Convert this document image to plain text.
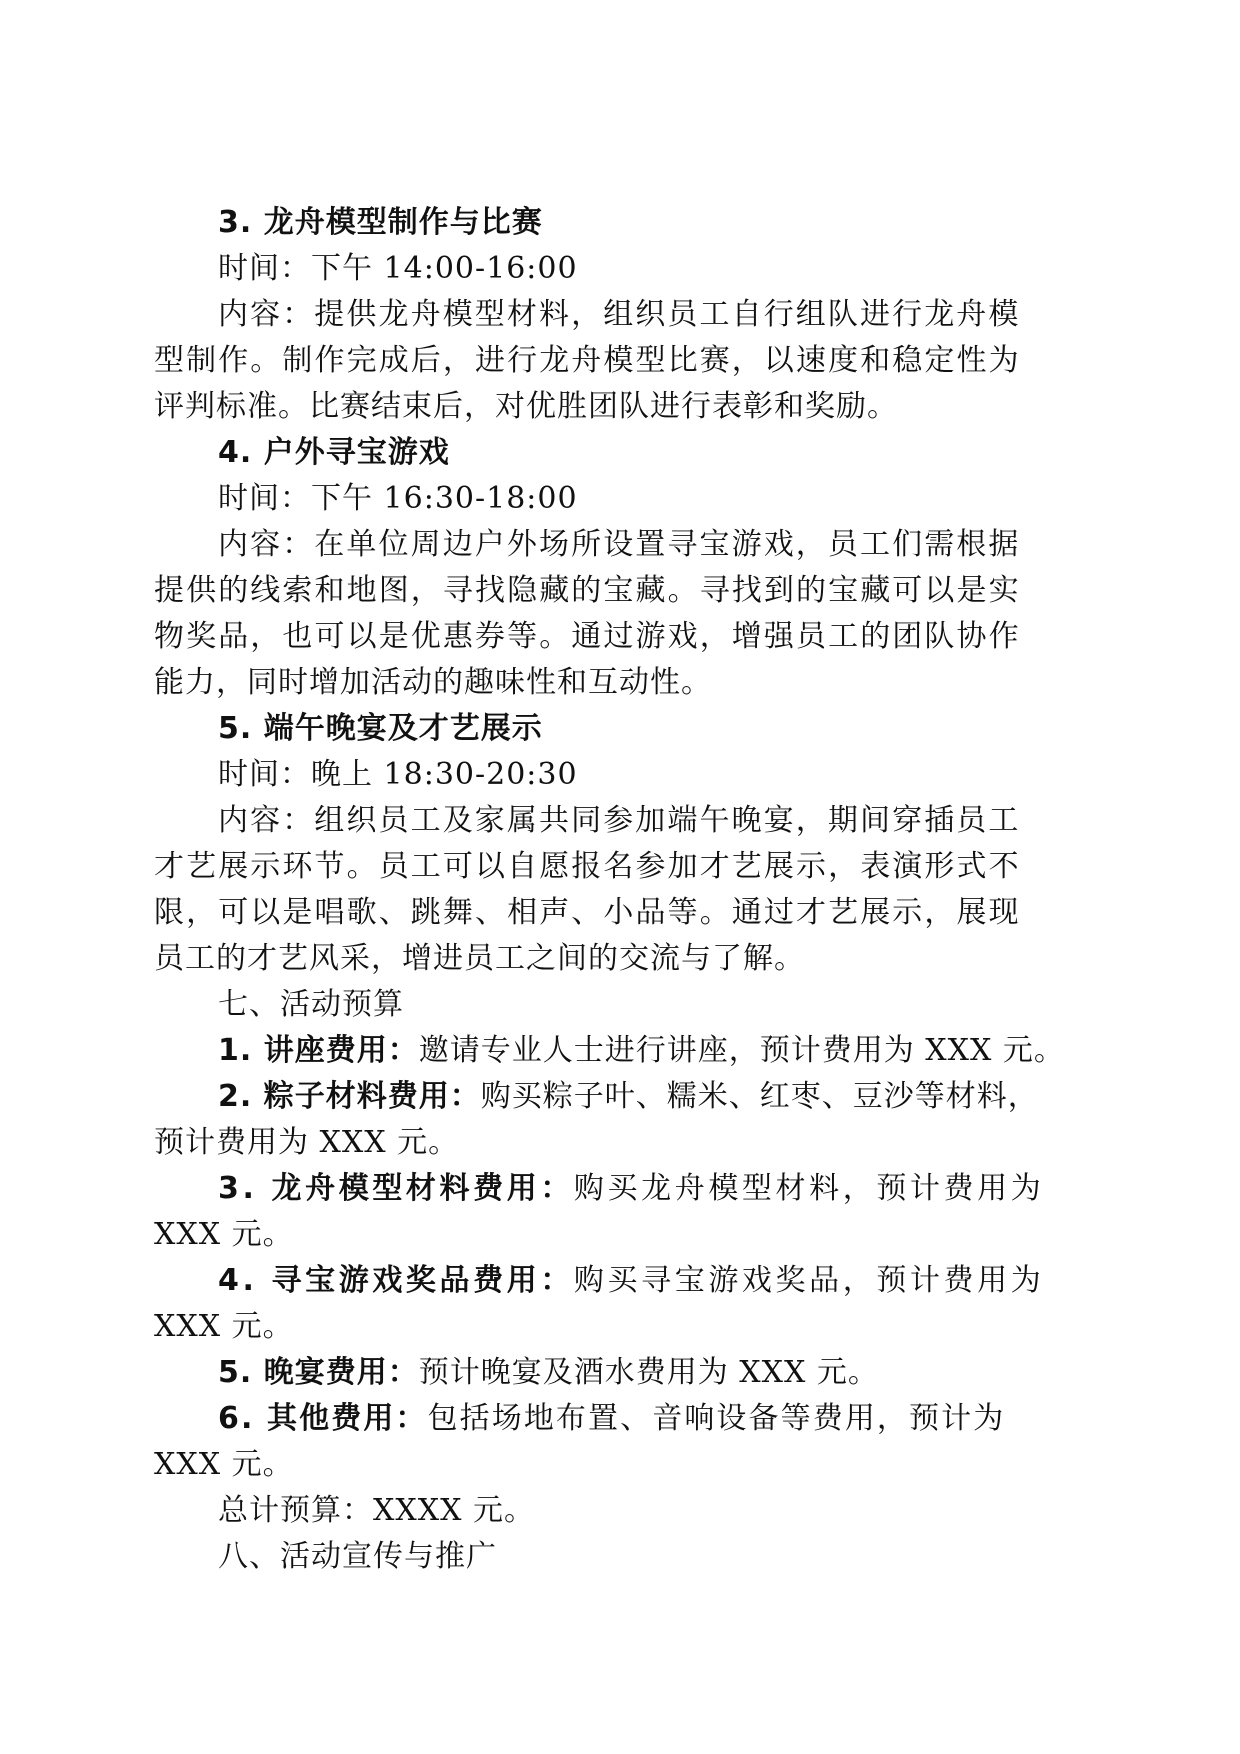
3. 龙舟模型制作与比赛
时间：下午 14:00-16:00
内容：提供龙舟模型材料，组织员工自行组队进行龙舟模
型制作。制作完成后，进行龙舟模型比赛，以速度和稳定性为
评判标准。比赛结束后，对优胜团队进行表彰和奖励。
4. 户外寻宝游戏
时间：下午 16:30-18:00
内容：在单位周边户外场所设置寻宝游戏，员工们需根据
提供的线索和地图，寻找隐藏的宝藏。寻找到的宝藏可以是实
物奖品，也可以是优惠券等。通过游戏，增强员工的团队协作
能力，同时增加活动的趣味性和互动性。
5. 端午晚宴及才艺展示
时间：晚上 18:30-20:30
内容：组织员工及家属共同参加端午晚宴，期间穿插员工
才艺展示环节。员工可以自愿报名参加才艺展示，表演形式不
限，可以是唱歌、跳舞、相声、小品等。通过才艺展示，展现
员工的才艺风采，增进员工之间的交流与了解。
七、活动预算
1. 讲座费用：邀请专业人士进行讲座，预计费用为 XXX 元。
2. 粽子材料费用：购买粽子叶、糯米、红枣、豆沙等材料，
预计费用为 XXX 元。
3. 龙舟模型材料费用：购买龙舟模型材料，预计费用为
XXX 元。
4. 寻宝游戏奖品费用：购买寻宝游戏奖品，预计费用为
XXX 元。
5. 晚宴费用：预计晚宴及酒水费用为 XXX 元。
6. 其他费用：包括场地布置、音响设备等费用，预计为
XXX 元。
总计预算：XXXX 元。
八、活动宣传与推广
